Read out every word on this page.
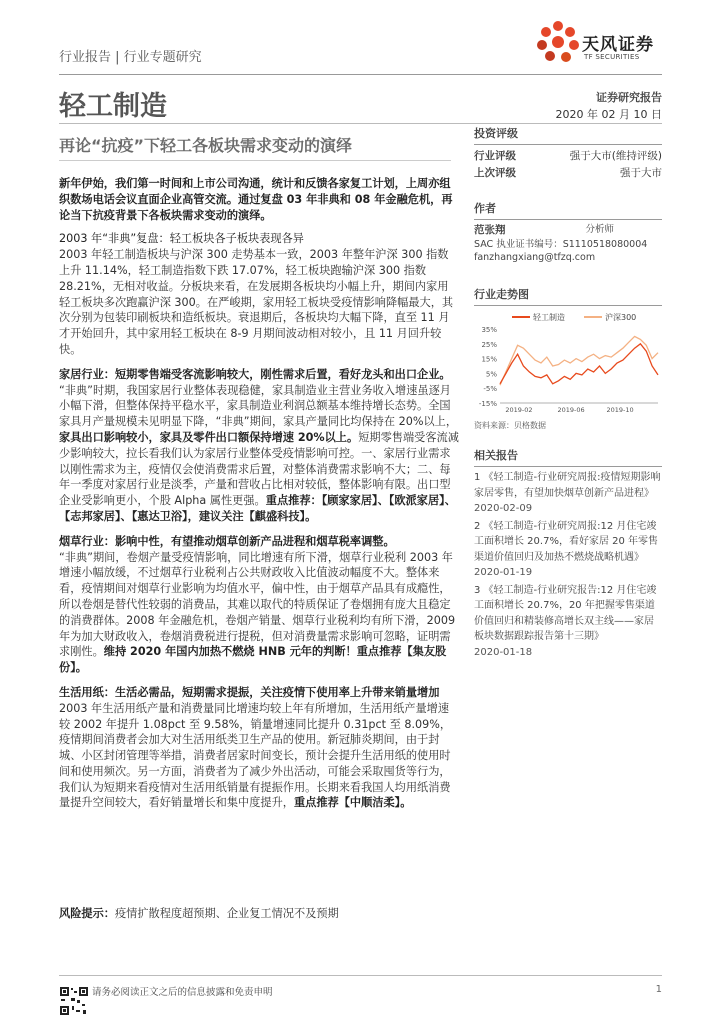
行业报告 | 行业专题研究
天风证券
TF SECURITIES
轻工制造	证券研究报告
2020 年 02 月 10 日
再论“抗疫”下轻工各板块需求变动的演绎

新年伊始，我们第一时间和上市公司沟通，统计和反馈各家复工计划，上周亦组织数场电话会议直面企业高管交流。通过复盘 03 年非典和 08 年金融危机，再论当下抗疫背景下各板块需求变动的演绎。

2003 年“非典”复盘：轻工板块各子板块表现各异

2003 年轻工制造板块与沪深 300 走势基本一致，2003 年整年沪深 300 指数上升 11.14%，轻工制造指数下跌 17.07%，轻工板块跑输沪深 300 指数 28.21%，无相对收益。分板块来看，在发展期各板块均小幅上升，期间内家用轻工板块多次跑赢沪深 300。在严峻期，家用轻工板块受疫情影响降幅最大，其次分别为包装印刷板块和造纸板块。衰退期后，各板块均大幅下降，直至 11 月才开始回升，其中家用轻工板块在 8-9 月期间波动相对较小，且 11 月回升较快。

家居行业：短期零售端受客流影响较大，刚性需求后置，看好龙头和出口企业。

“非典”时期，我国家居行业整体表现稳健，家具制造业主营业务收入增速虽逐月小幅下滑，但整体保持平稳水平，家具制造业利润总额基本维持增长态势。全国家具月产量规模未见明显下降，“非典”期间，家具产量同比均保持在 20%以上，家具出口影响较小，家具及零件出口额保持增速 20%以上。短期零售端受客流减少影响较大，拉长看我们认为家居行业整体受疫情影响可控。一、家居行业需求以刚性需求为主，疫情仅会使消费需求后置，对整体消费需求影响不大；二、每年一季度对家居行业是淡季，产量和营收占比相对较低，整体影响有限。出口型企业受影响更小，个股 Alpha 属性更强。重点推荐：【顾家家居】、【欧派家居】、【志邦家居】、【惠达卫浴】，建议关注【麒盛科技】。

烟草行业：影响中性，有望推动烟草创新产品进程和烟草税率调整。

“非典”期间，卷烟产量受疫情影响，同比增速有所下滑，烟草行业税利 2003 年增速小幅放缓，不过烟草行业税利占公共财政收入比值波动幅度不大。整体来看，疫情期间对烟草行业影响为均值水平，偏中性，由于烟草产品具有成瘾性，所以卷烟是替代性较弱的消费品，其难以取代的特质保证了卷烟拥有庞大且稳定的消费群体。2008 年金融危机，卷烟产销量、烟草行业税利均有所下滑，2009 年为加大财政收入，卷烟消费税进行提税，但对消费量需求影响可忽略，证明需求刚性。维持 2020 年国内加热不燃烧 HNB 元年的判断！重点推荐【集友股份】。

生活用纸：生活必需品，短期需求提振，关注疫情下使用率上升带来销量增加

2003 年生活用纸产量和消费量同比增速均较上年有所增加，生活用纸产量增速较 2002 年提升 1.08pct 至 9.58%，销量增速同比提升 0.31pct 至 8.09%，疫情期间消费者会加大对生活用纸类卫生产品的使用。新冠肺炎期间，由于封城、小区封闭管理等举措，消费者居家时间变长，预计会提升生活用纸的使用时间和使用频次。另一方面，消费者为了减少外出活动，可能会采取囤货等行为，我们认为短期来看疫情对生活用纸销量有提振作用。长期来看我国人均用纸消费量提升空间较大，看好销量增长和集中度提升，重点推荐【中顺洁柔】。

风险提示：疫情扩散程度超预期、企业复工情况不及预期
投资评级
行业评级	强于大市(维持评级)
上次评级	强于大市
作者
范张翔	分析师
SAC 执业证书编号：S1110518080004
fanzhangxiang@tfzq.com
行业走势图
轻工制造	沪深300
35%
25%
15%
5%
-5%
-15%
2019-02	2019-06	2019-10
资料来源：贝格数据
相关报告
1 《轻工制造-行业研究周报:疫情短期影响家居零售，有望加快烟草创新产品进程》
2020-02-09
2 《轻工制造-行业研究周报:12 月住宅竣工面积增长 20.7%，看好家居 20 年零售渠道价值回归及加热不燃烧战略机遇》
2020-01-19
3 《轻工制造-行业研究报告:12 月住宅竣工面积增长 20.7%，20 年把握零售渠道价值回归和精装修高增长双主线——家居板块数据跟踪报告第十三期》
2020-01-18
请务必阅读正文之后的信息披露和免责申明	1
